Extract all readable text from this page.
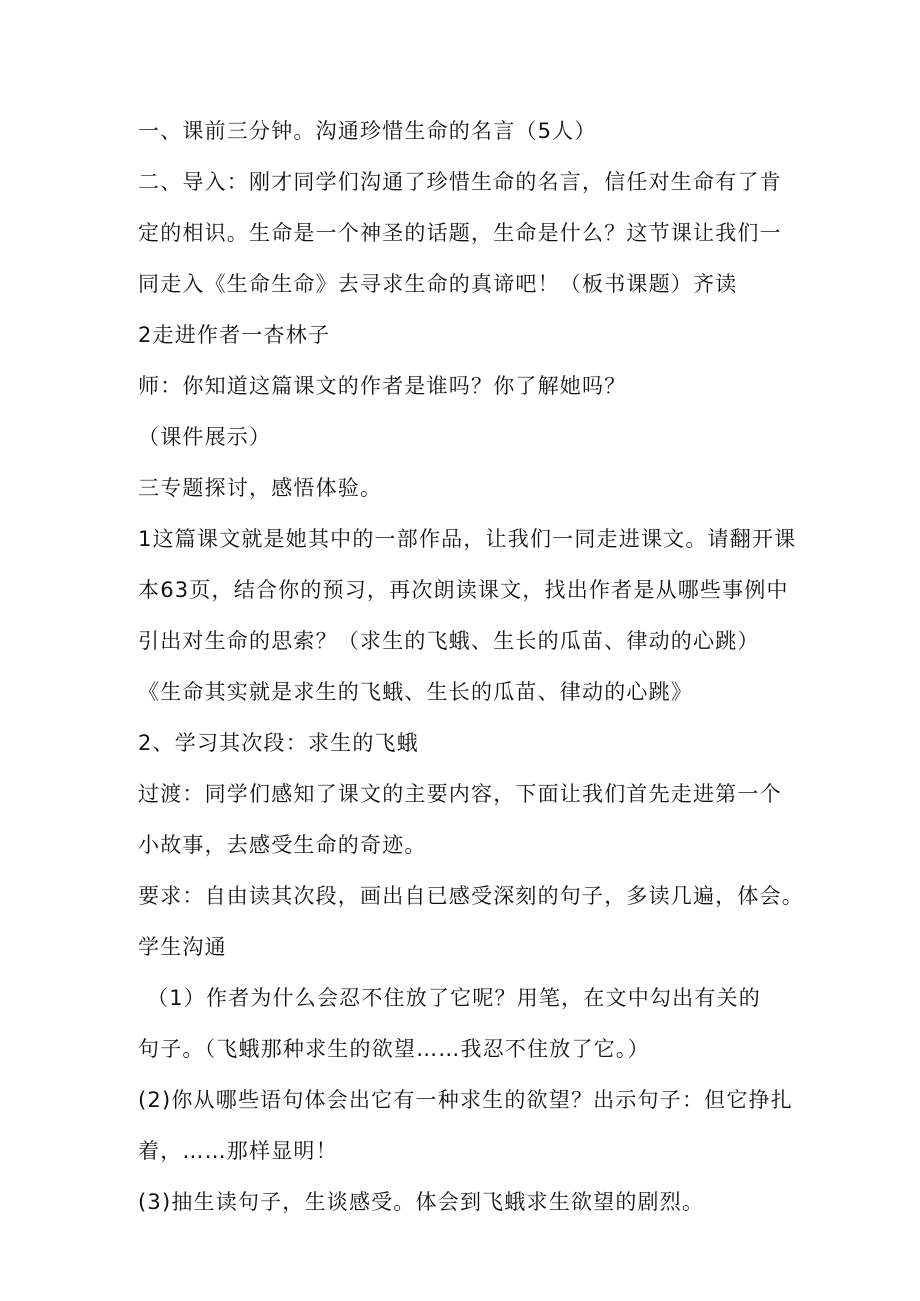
一、课前三分钟。沟通珍惜生命的名言（5人）

二、导入：刚才同学们沟通了珍惜生命的名言，信任对生命有了肯

定的相识。生命是一个神圣的话题，生命是什么？这节课让我们一

同走入《生命生命》去寻求生命的真谛吧！（板书课题）齐读

2走进作者一杏林子

师：你知道这篇课文的作者是谁吗？你了解她吗？

（课件展示）

三专题探讨，感悟体验。

1这篇课文就是她其中的一部作品，让我们一同走进课文。请翻开课

本63页，结合你的预习，再次朗读课文，找出作者是从哪些事例中

引出对生命的思索？（求生的飞蛾、生长的瓜苗、律动的心跳）

《生命其实就是求生的飞蛾、生长的瓜苗、律动的心跳》

2、学习其次段：求生的飞蛾

过渡：同学们感知了课文的主要内容，下面让我们首先走进第一个

小故事，去感受生命的奇迹。

要求：自由读其次段，画出自已感受深刻的句子，多读几遍，体会。

学生沟通

（1）作者为什么会忍不住放了它呢？用笔，在文中勾出有关的

句子。（飞蛾那种求生的欲望……我忍不住放了它。）

(2)你从哪些语句体会出它有一种求生的欲望？出示句子：但它挣扎

着，……那样显明！

(3)抽生读句子，生谈感受。体会到飞蛾求生欲望的剧烈。
